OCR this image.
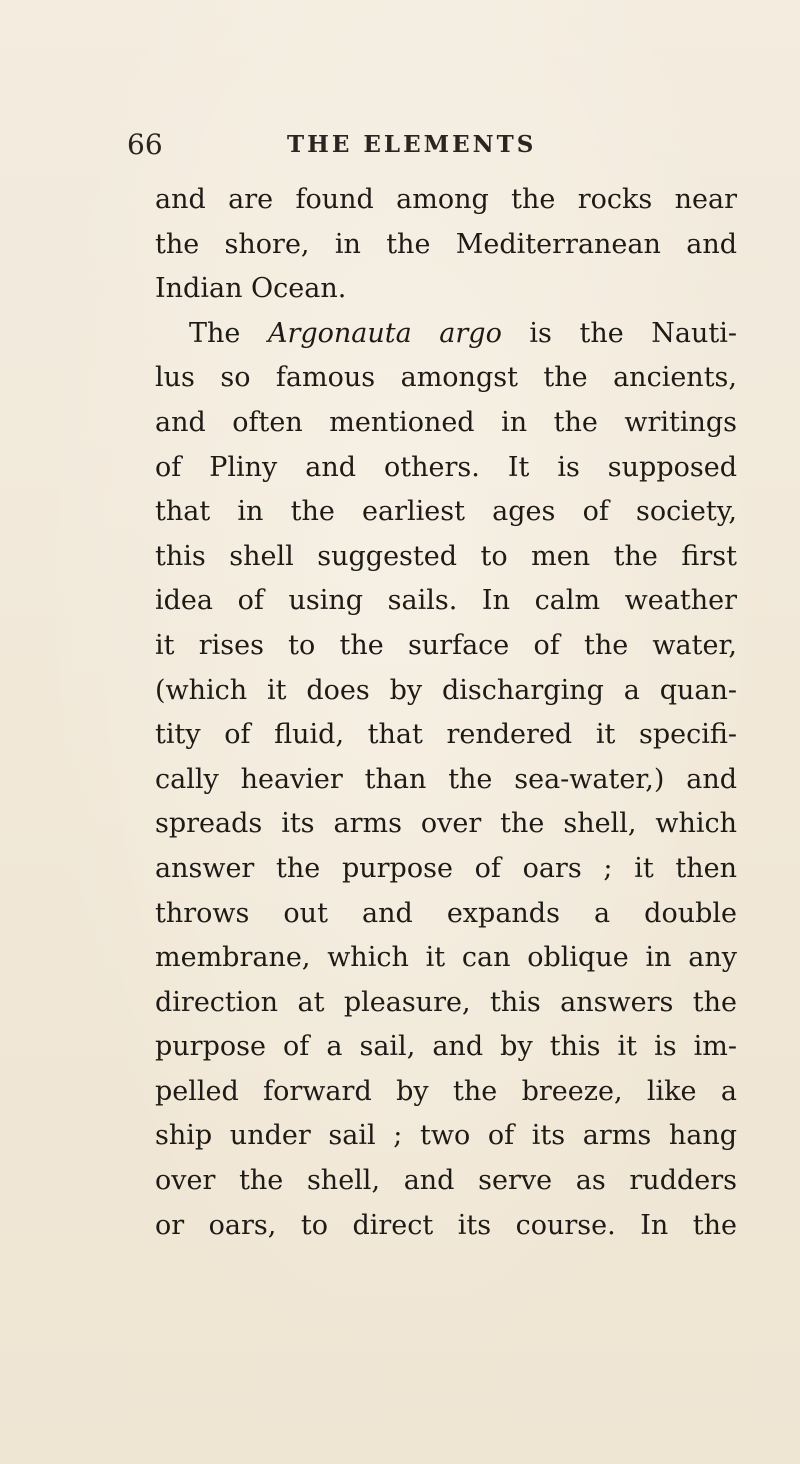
66	THE ELEMENTS
and are found among the rocks near
the shore, in the Mediterranean and
Indian Ocean.
The Argonauta argo is the Nauti-
lus so famous amongst the ancients,
and often mentioned in the writings
of Pliny and others. It is supposed
that in the earliest ages of society,
this shell suggested to men the first
idea of using sails. In calm weather
it rises to the surface of the water,
(which it does by discharging a quan-
tity of fluid, that rendered it specifi-
cally heavier than the sea-water,) and
spreads its arms over the shell, which
answer the purpose of oars ; it then
throws out and expands a double
membrane, which it can oblique in any
direction at pleasure, this answers the
purpose of a sail, and by this it is im-
pelled forward by the breeze, like a
ship under sail ; two of its arms hang
over the shell, and serve as rudders
or oars, to direct its course. In the
